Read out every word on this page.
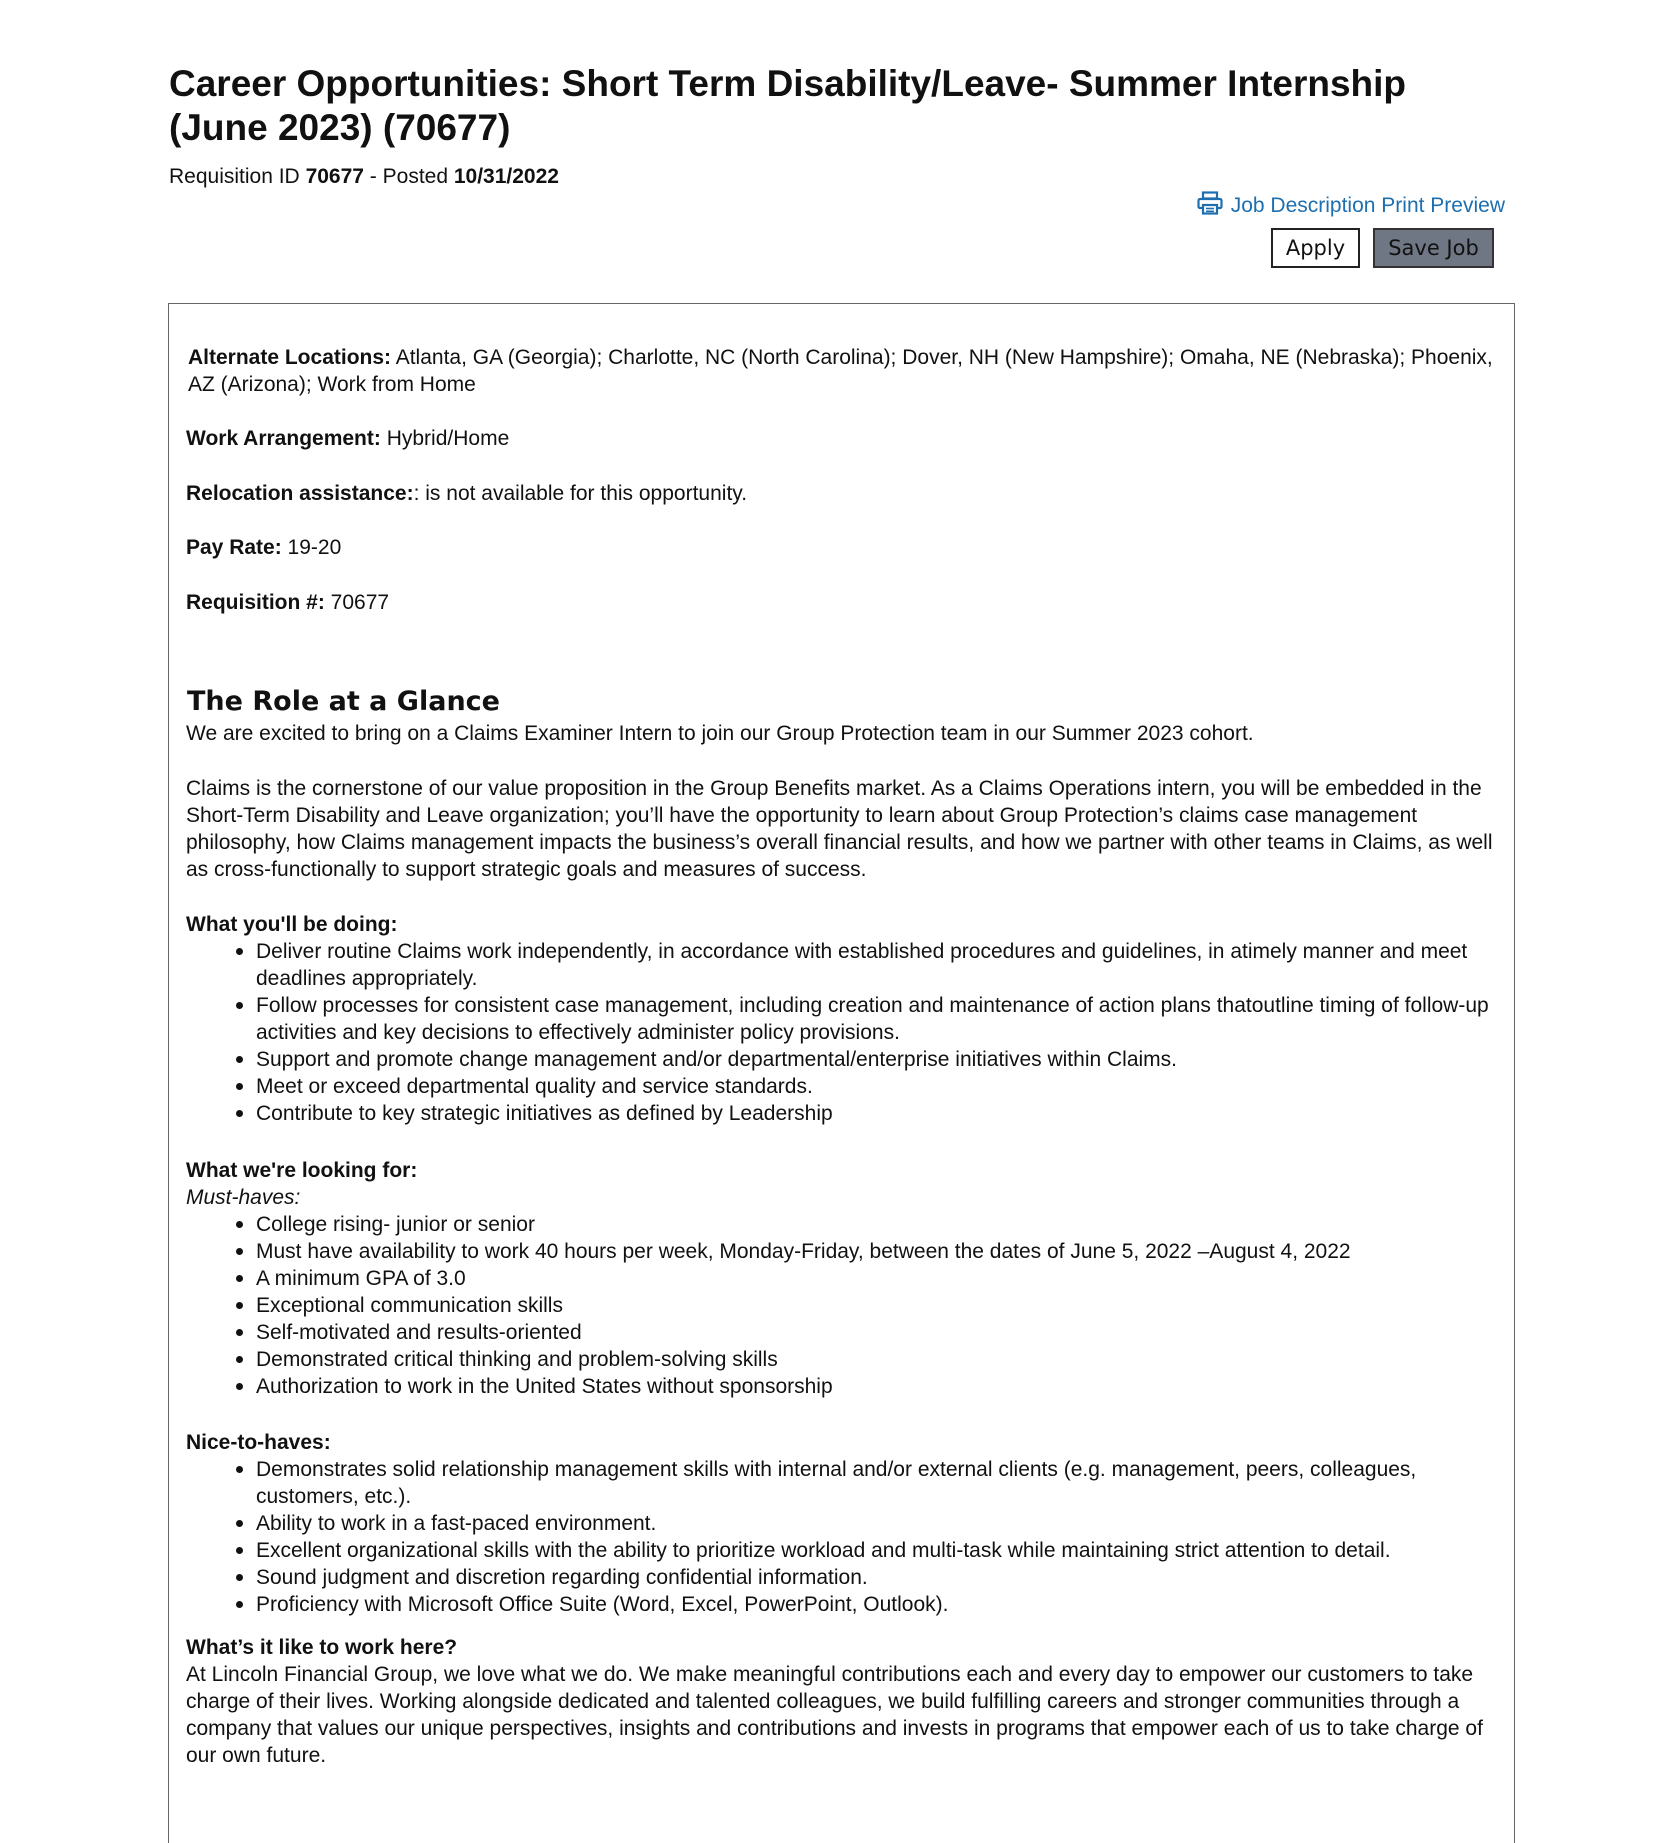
Career Opportunities: Short Term Disability/Leave- Summer Internship (June 2023) (70677)
Requisition ID 70677 - Posted 10/31/2022
Job Description Print Preview
Apply	Save Job

Alternate Locations: Atlanta, GA (Georgia); Charlotte, NC (North Carolina); Dover, NH (New Hampshire); Omaha, NE (Nebraska); Phoenix, AZ (Arizona); Work from Home

Work Arrangement: Hybrid/Home

Relocation assistance:: is not available for this opportunity.

Pay Rate: 19-20

Requisition #: 70677

The Role at a Glance

We are excited to bring on a Claims Examiner Intern to join our Group Protection team in our Summer 2023 cohort.

Claims is the cornerstone of our value proposition in the Group Benefits market. As a Claims Operations intern, you will be embedded in the Short-Term Disability and Leave organization; you’ll have the opportunity to learn about Group Protection’s claims case management philosophy, how Claims management impacts the business’s overall financial results, and how we partner with other teams in Claims, as well as cross-functionally to support strategic goals and measures of success.

What you'll be doing:

Deliver routine Claims work independently, in accordance with established procedures and guidelines, in atimely manner and meet deadlines appropriately.
Follow processes for consistent case management, including creation and maintenance of action plans thatoutline timing of follow-up activities and key decisions to effectively administer policy provisions.
Support and promote change management and/or departmental/enterprise initiatives within Claims.
Meet or exceed departmental quality and service standards.
Contribute to key strategic initiatives as defined by Leadership

What we're looking for:

Must-haves:

College rising- junior or senior
Must have availability to work 40 hours per week, Monday-Friday, between the dates of June 5, 2022 –August 4, 2022
A minimum GPA of 3.0
Exceptional communication skills
Self-motivated and results-oriented
Demonstrated critical thinking and problem-solving skills
Authorization to work in the United States without sponsorship

Nice-to-haves:

Demonstrates solid relationship management skills with internal and/or external clients (e.g. management, peers, colleagues, customers, etc.).
Ability to work in a fast-paced environment.
Excellent organizational skills with the ability to prioritize workload and multi-task while maintaining strict attention to detail.
Sound judgment and discretion regarding confidential information.
Proficiency with Microsoft Office Suite (Word, Excel, PowerPoint, Outlook).

What’s it like to work here?

At Lincoln Financial Group, we love what we do. We make meaningful contributions each and every day to empower our customers to take charge of their lives. Working alongside dedicated and talented colleagues, we build fulfilling careers and stronger communities through a company that values our unique perspectives, insights and contributions and invests in programs that empower each of us to take charge of our own future.
